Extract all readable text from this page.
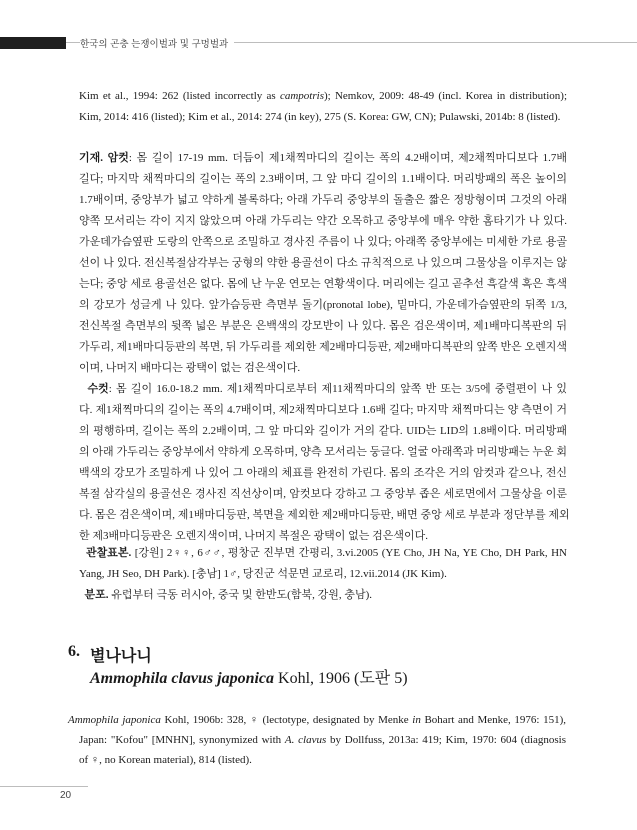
한국의 곤충 는쟁이벌과 및 구멍벌과
Kim et al., 1994: 262 (listed incorrectly as campotris); Nemkov, 2009: 48-49 (incl. Korea in distribution);
Kim, 2014: 416 (listed); Kim et al., 2014: 274 (in key), 275 (S. Korea: GW, CN); Pulawski, 2014b: 8 (listed).
기재. 암컷: 몸 길이 17-19 mm. 더듬이 제1채찍마디의 길이는 폭의 4.2배이며, 제2채찍마디보다 1.7배
길다; 마지막 채찍마디의 길이는 폭의 2.3배이며, 그 앞 마디 길이의 1.1배이다. 머리방패의 폭은 높이의
1.7배이며, 중앙부가 넓고 약하게 볼록하다; 아래 가두리 중앙부의 돌출은 짧은 정방형이며 그것의 아래
양쪽 모서리는 각이 지지 않았으며 아래 가두리는 약간 오목하고 중앙부에 매우 약한 홈타기가 나 있다.
가운데가슴옆판 도랑의 안쪽으로 조밀하고 경사진 주름이 나 있다; 아래쪽 중앙부에는 미세한 가로 용골
선이 나 있다. 전신복절삼각부는 궁형의 약한 용골선이 다소 규칙적으로 나 있으며 그물상을 이루지는 않
는다; 중앙 세로 용골선은 없다. 몸에 난 누운 연모는 연황색이다. 머리에는 길고 곧추선 흑갈색 혹은 흑색
의 강모가 성글게 나 있다. 앞가슴등판 측면부 돌기(pronotal lobe), 밑마디, 가운데가슴옆판의 뒤쪽 1/3,
전신복절 측면부의 뒷쪽 넓은 부분은 은백색의 강모반이 나 있다. 몸은 검은색이며, 제1배마디복판의 뒤
가두리, 제1배마디등판의 복면, 뒤 가두리를 제외한 제2배마디등판, 제2배마디복판의 앞쪽 반은 오렌지색
이며, 나머지 배마디는 광택이 없는 검은색이다.
수컷: 몸 길이 16.0-18.2 mm. 제1채찍마디로부터 제11채찍마디의 앞쪽 반 또는 3/5에 중렬편이 나 있
다. 제1채찍마디의 길이는 폭의 4.7배이며, 제2채찍마디보다 1.6배 길다; 마지막 채찍마디는 양 측면이 거
의 평행하며, 길이는 폭의 2.2배이며, 그 앞 마디와 길이가 거의 같다. UID는 LID의 1.8배이다. 머리방패
의 아래 가두리는 중앙부에서 약하게 오목하며, 양측 모서리는 둥글다. 얼굴 아래쪽과 머리방패는 누운 회
백색의 강모가 조밀하게 나 있어 그 아래의 체표를 완전히 가린다. 몸의 조각은 거의 암컷과 같으나, 전신
복절 삼각실의 용골선은 경사진 직선상이며, 암컷보다 강하고 그 중앙부 좁은 세로면에서 그물상을 이룬
다. 몸은 검은색이며, 제1배마디등판, 복면을 제외한 제2배마디등판, 배면 중앙 세로 부분과 정단부를 제외
한 제3배마디등판은 오렌지색이며, 나머지 복절은 광택이 없는 검은색이다.
관찰표본. [강원] 2♀♀, 6♂♂, 평창군 진부면 간평리, 3.vi.2005 (YE Cho, JH Na, YE Cho, DH Park, HN
Yang, JH Seo, DH Park). [충남] 1♂, 당진군 석문면 교로리, 12.vii.2014 (JK Kim).
분포. 유럽부터 극동 러시아, 중국 및 한반도(함북, 강원, 충남).
6. 별나나니
Ammophila clavus japonica Kohl, 1906 (도판 5)
Ammophila japonica Kohl, 1906b: 328, ♀ (lectotype, designated by Menke in Bohart and Menke, 1976: 151),
Japan: "Kofou" [MNHN], synonymized with A. clavus by Dollfuss, 2013a: 419; Kim, 1970: 604 (diagnosis
of ♀, no Korean material), 814 (listed).
20
